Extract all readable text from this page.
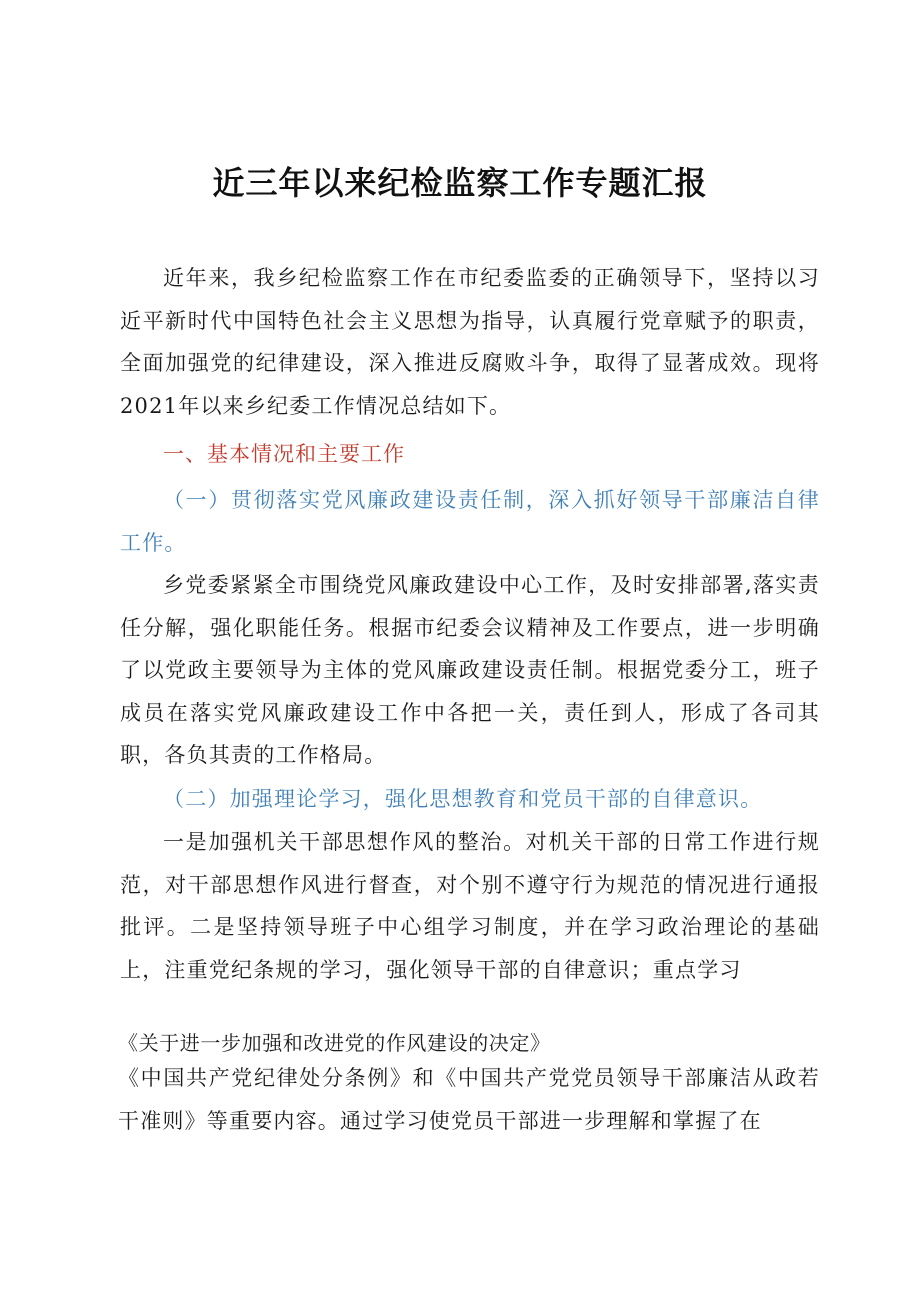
近三年以来纪检监察工作专题汇报

近年来，我乡纪检监察工作在市纪委监委的正确领导下，坚持以习近平新时代中国特色社会主义思想为指导，认真履行党章赋予的职责，全面加强党的纪律建设，深入推进反腐败斗争，取得了显著成效。现将2021年以来乡纪委工作情况总结如下。

一、基本情况和主要工作

（一）贯彻落实党风廉政建设责任制，深入抓好领导干部廉洁自律工作。

乡党委紧紧全市围绕党风廉政建设中心工作，及时安排部署,落实责任分解，强化职能任务。根据市纪委会议精神及工作要点，进一步明确了以党政主要领导为主体的党风廉政建设责任制。根据党委分工，班子成员在落实党风廉政建设工作中各把一关，责任到人，形成了各司其职，各负其责的工作格局。

（二）加强理论学习，强化思想教育和党员干部的自律意识。

一是加强机关干部思想作风的整治。对机关干部的日常工作进行规范，对干部思想作风进行督查，对个别不遵守行为规范的情况进行通报批评。二是坚持领导班子中心组学习制度，并在学习政治理论的基础上，注重党纪条规的学习，强化领导干部的自律意识；重点学习

《关于进一步加强和改进党的作风建设的决定》

《中国共产党纪律处分条例》和《中国共产党党员领导干部廉洁从政若干准则》等重要内容。通过学习使党员干部进一步理解和掌握了在
